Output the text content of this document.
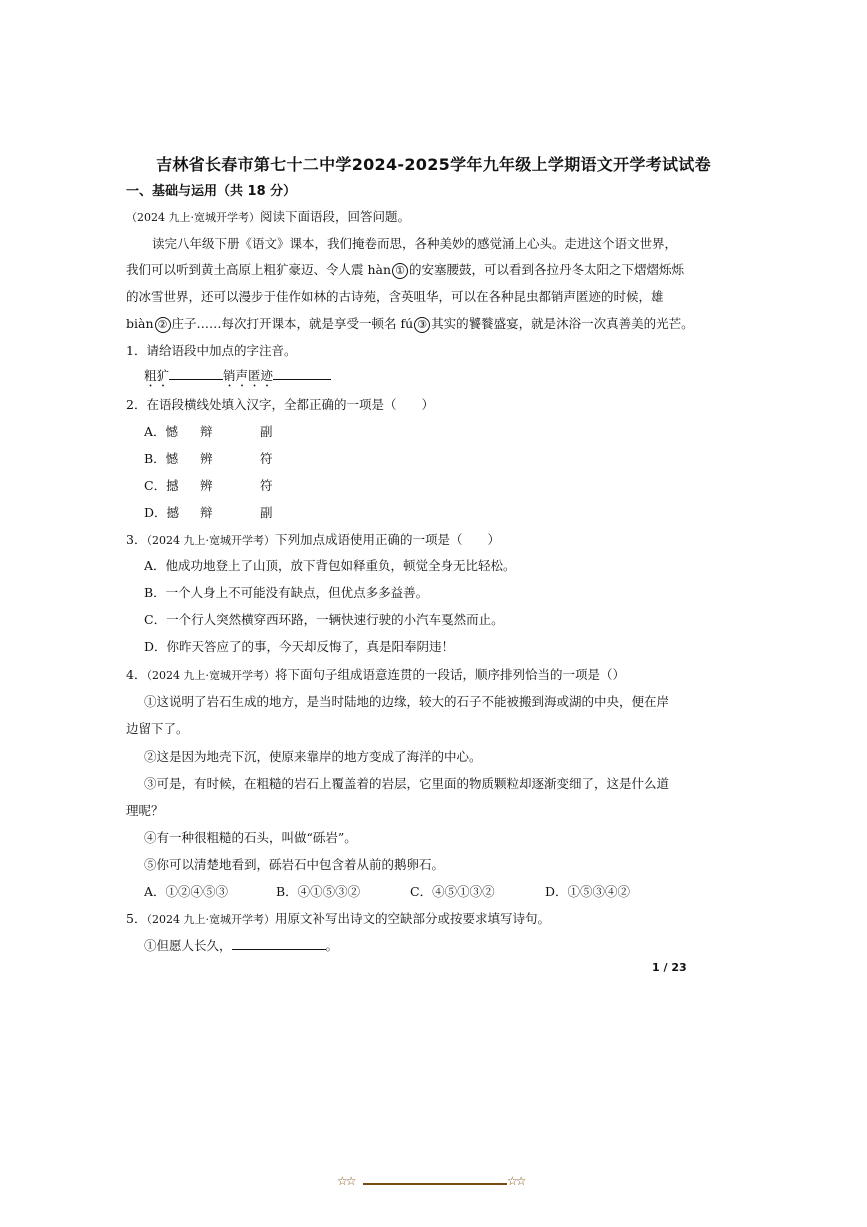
吉林省长春市第七十二中学2024-2025学年九年级上学期语文开学考试试卷
一、基础与运用（共 18 分）
（2024 九上·宽城开学考）阅读下面语段，回答问题。
读完八年级下册《语文》课本，我们掩卷而思，各种美妙的感觉涌上心头。走进这个语文世界，
我们可以听到黄土高原上粗犷豪迈、令人震 hàn ① 的安塞腰鼓，可以看到各拉丹冬太阳之下熠熠烁烁
的冰雪世界，还可以漫步于佳作如林的古诗苑，含英咀华，可以在各种昆虫都销声匿迹的时候，雄
biàn ② 庄子……每次打开课本，就是享受一顿名 fú ③ 其实的饕餮盛宴，就是沐浴一次真善美的光芒。
1．请给语段中加点的字注音。
粗犷	销声匿迹
2．在语段横线处填入汉字，全都正确的一项是（　　）
A．憾 辩	副
B．憾 辨	符
C．撼 辨	符
D．撼 辩	副
3．（2024 九上·宽城开学考）下列加点成语使用正确的一项是（　　）
A．他成功地登上了山顶，放下背包如释重负，顿觉全身无比轻松。
B．一个人身上不可能没有缺点，但优点多多益善。
C．一个行人突然横穿西环路，一辆快速行驶的小汽车戛然而止。
D．你昨天答应了的事，今天却反悔了，真是阳奉阴违！
4．（2024 九上·宽城开学考）将下面句子组成语意连贯的一段话，顺序排列恰当的一项是（）
①这说明了岩石生成的地方，是当时陆地的边缘，较大的石子不能被搬到海或湖的中央，便在岸
边留下了。
②这是因为地壳下沉，使原来靠岸的地方变成了海洋的中心。
③可是，有时候，在粗糙的岩石上覆盖着的岩层，它里面的物质颗粒却逐渐变细了，这是什么道
理呢？
④有一种很粗糙的石头，叫做“砾岩”。
⑤你可以清楚地看到，砾岩石中包含着从前的鹅卵石。
A．①②④⑤③	B．④①⑤③②	C．④⑤①③②	D．①⑤③④②
5．（2024 九上·宽城开学考）用原文补写出诗文的空缺部分或按要求填写诗句。
①但愿人长久，	。
1 / 23
☆☆	☆☆
